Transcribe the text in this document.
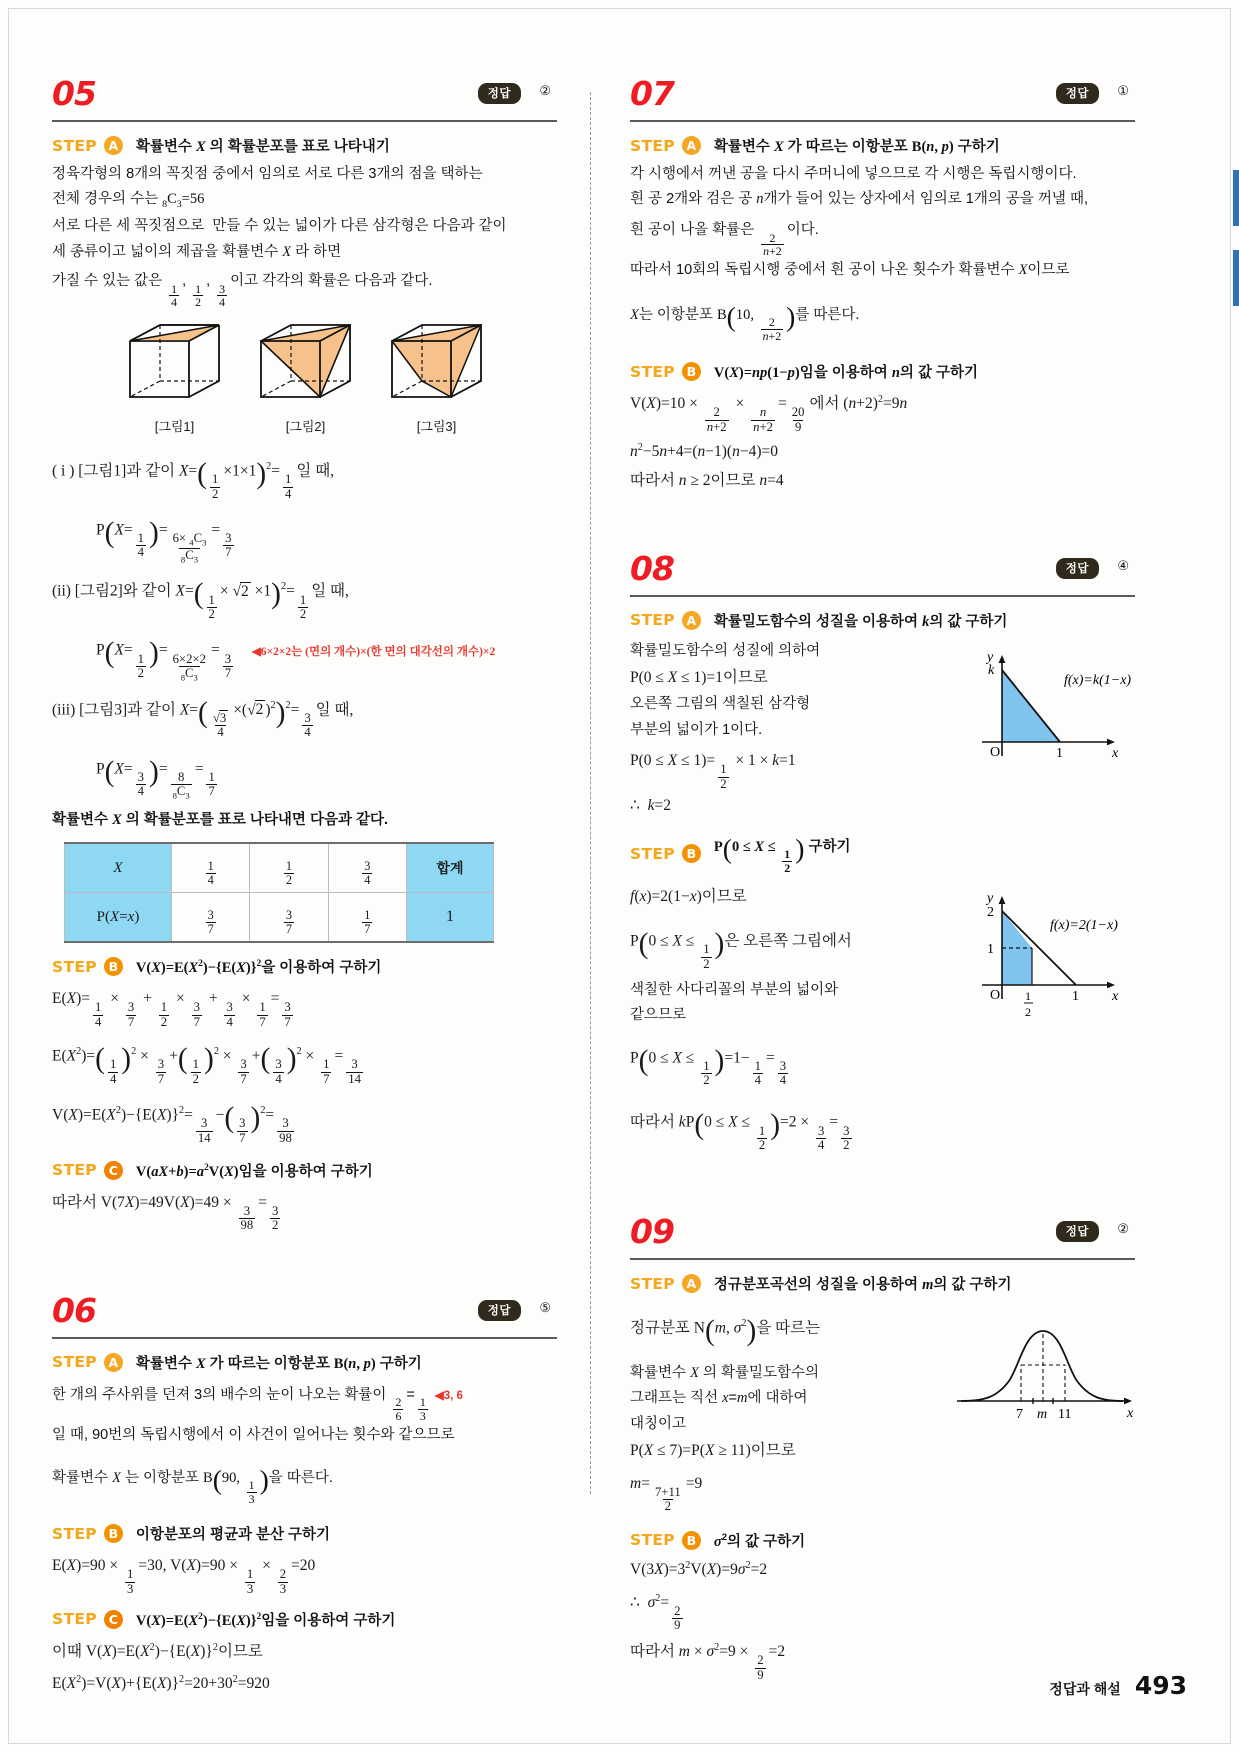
05	정답	②
STEP A	확률변수 X 의 확률분포를 표로 나타내기
정육각형의 8개의 꼭짓점 중에서 임의로 서로 다른 3개의 점을 택하는
전체 경우의 수는 $_8C_3=56$
서로 다른 세 꼭짓점으로  만들 수 있는 넓이가 다른 삼각형은 다음과 같이
세 종류이고 넓이의 제곱을 확률변수 X 라 하면
가질 수 있는 값은
$\frac{1}{4}$
,
$\frac{1}{2}$
,
$\frac{3}{4}$
이고 각각의 확률은 다음과 같다.
[그림1]	[그림2]	[그림3]
( i ) [그림1]과 같이 $X=( \frac{1}{2}$
×1×1)$^2$=
$\frac{1}{4}$
일 때,
P(X=
$\frac{1}{4}$ )=
$\frac{6\times _4C_3}{_8C_3}$
=
$\frac{3}{7}$
(ii) [그림2]와 같이 $X=( \frac{1}{2}$
× √2 ×1)$^2$=
$\frac{1}{2}$
일 때,
P(X=
$\frac{1}{2}$ )=
$\frac{6\times 2\times 2}{_8C_3}$
=
$\frac{3}{7}$
◀6×2×2는 (면의 개수)×(한 면의 대각선의 개수)×2
(iii) [그림3]과 같이 $X=( \frac{√3}{4}$
×(√2 )$^2$)$^2$=
$\frac{3}{4}$
일 때,
P(X=
$\frac{3}{4}$ )=
$\frac{8}{_8C_3}$
=
$\frac{1}{7}$
확률변수 X 의 확률분포를 표로 나타내면 다음과 같다.
X	$\frac{1}{4}$	$\frac{1}{2}$	$\frac{3}{4}$	합계
P(X=x)	$\frac{3}{7}$	$\frac{3}{7}$	$\frac{1}{7}$	1
STEP B	$V(X)=E(X^2)-\{E(X)\}^2$을 이용하여 구하기
E(X)=
$\frac{1}{4}$
×
$\frac{3}{7}$
+
$\frac{1}{2}$
×
$\frac{3}{7}$
+
$\frac{3}{4}$
×
$\frac{1}{7}$
=
$\frac{3}{7}$
$E(X^2)=( \frac{1}{4} )^2$ ×
$\frac{3}{7}$
+( $\frac{1}{2} )^2$ ×
$\frac{3}{7}$
+( $\frac{3}{4} )^2$ ×
$\frac{1}{7}$
=
$\frac{3}{14}$
$V(X)=E(X^2)-\{E(X)\}^2=$
$\frac{3}{14}$
−( $\frac{3}{7} )^2=$
$\frac{3}{98}$
STEP C	$V(aX+b)=a^2V(X)$임을 이용하여 구하기
따라서 V(7X)=49V(X)=49 ×
$\frac{3}{98}$
=
$\frac{3}{2}$
06	정답	⑤
STEP A	확률변수 X 가 따르는 이항분포 B(n, p) 구하기
한 개의 주사위를 던져 3의 배수의 눈이 나오는 확률이
$\frac{2}{6}$
=
$\frac{1}{3}$
◀3, 6
일 때, 90번의 독립시행에서 이 사건이 일어나는 횟수와 같으므로
확률변수 X 는 이항분포 B(90,
$\frac{1}{3}$ )을 따른다.
STEP B	이항분포의 평균과 분산 구하기
E(X)=90 ×
$\frac{1}{3}$
=30, V(X)=90 ×
$\frac{1}{3}$
×
$\frac{2}{3}$
=20
STEP C	$V(X)=E(X^2)-\{E(X)\}^2$임을 이용하여 구하기
이때 $V(X)=E(X^2)-\{E(X)\}^2$이므로
$E(X^2)=V(X)+\{E(X)\}^2=20+30^2=920$
07	정답	①
STEP A	확률변수 X 가 따르는 이항분포 B(n, p) 구하기
각 시행에서 꺼낸 공을 다시 주머니에 넣으므로 각 시행은 독립시행이다.
흰 공 2개와 검은 공 n개가 들어 있는 상자에서 임의로 1개의 공을 꺼낼 때,
흰 공이 나올 확률은
$\frac{2}{n+2}$
이다.
따라서 10회의 독립시행 중에서 흰 공이 나온 횟수가 확률변수 X이므로
X는 이항분포 B(10,
$\frac{2}{n+2}$ )를 따른다.
STEP B	V(X)=np(1−p)임을 이용하여 n의 값 구하기
V(X)=10 ×
$\frac{2}{n+2}$
×
$\frac{n}{n+2}$
=
$\frac{20}{9}$
에서 $(n+2)^2=9n$
$n^2-5n+4=(n-1)(n-4)=0$
따라서 n ≥ 2이므로 n=4
08	정답	④
STEP A	확률밀도함수의 성질을 이용하여 k의 값 구하기
확률밀도함수의 성질에 의하여
P(0 ≤ X ≤ 1)=1이므로
오른쪽 그림의 색칠된 삼각형
부분의 넓이가 1이다.
P(0 ≤ X ≤ 1)=
$\frac{1}{2}$
× 1 × k=1
∴  k=2
k
y
O	1	x
f(x)=k(1−x)
STEP B	P(0 ≤ X ≤
$\frac{1}{2}$ ) 구하기
f(x)=2(1−x)이므로
P(0 ≤ X ≤
$\frac{1}{2}$ )은 오른쪽 그림에서
색칠한 사다리꼴의 부분의 넓이와
같으므로
P(0 ≤ X ≤
$\frac{1}{2} )=1-$
$\frac{1}{4}$
=
$\frac{3}{4}$
따라서 kP(0 ≤ X ≤
$\frac{1}{2} )=2$ ×
$\frac{3}{4}$
=
$\frac{3}{2}$
y
2
1
O 1
2
1 x
f(x)=2(1−x)
09	정답	②
STEP A	정규분포곡선의 성질을 이용하여 m의 값 구하기
정규분포 N(m, $\sigma^2$)을 따르는
확률변수 X 의 확률밀도함수의
그래프는 직선 x=m에 대하여
대칭이고
P(X ≤ 7)=P(X ≥ 11)이므로
m=
$\frac{7+11}{2}$
=9
7 m 11	x
STEP B	$\sigma^2$의 값 구하기
$V(3X)=3^2V(X)=9\sigma^2=2$
∴  $\sigma^2=$
$\frac{2}{9}$
따라서 $m \times \sigma^2=9$ ×
$\frac{2}{9}$
=2
정답과 해설 493
